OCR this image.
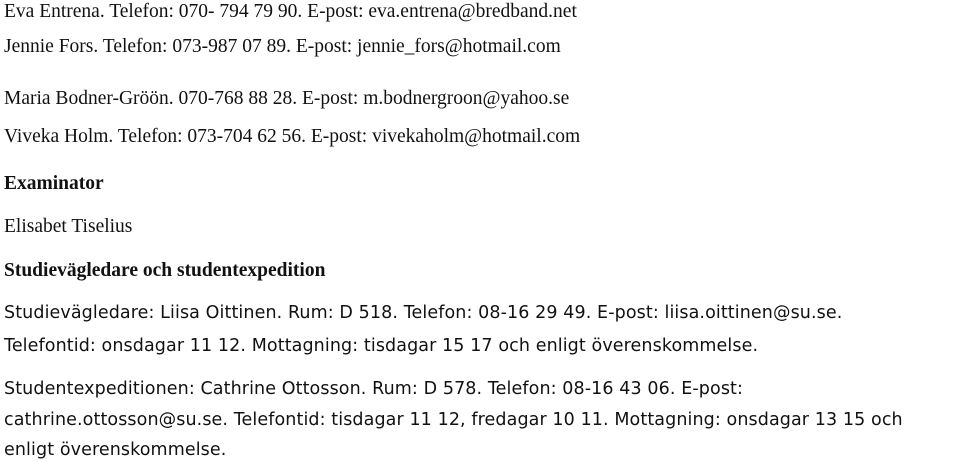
Eva Entrena. Telefon: 070- 794 79 90. E-post: eva.entrena@bredband.net
Jennie Fors. Telefon: 073-987 07 89. E-post: jennie_fors@hotmail.com
Maria Bodner-Gröön. 070-768 88 28. E-post: m.bodnergroon@yahoo.se
Viveka Holm. Telefon: 073-704 62 56. E-post: vivekaholm@hotmail.com
Examinator
Elisabet Tiselius
Studievägledare och studentexpedition
Studievägledare: Liisa Oittinen. Rum: D 518. Telefon: 08-16 29 49. E-post: liisa.oittinen@su.se.
Telefontid: onsdagar 11 12. Mottagning: tisdagar 15 17 och enligt överenskommelse.
Studentexpeditionen: Cathrine Ottosson. Rum: D 578. Telefon: 08-16 43 06. E-post:
cathrine.ottosson@su.se. Telefontid: tisdagar 11 12, fredagar 10 11. Mottagning: onsdagar 13 15 och
enligt överenskommelse.
